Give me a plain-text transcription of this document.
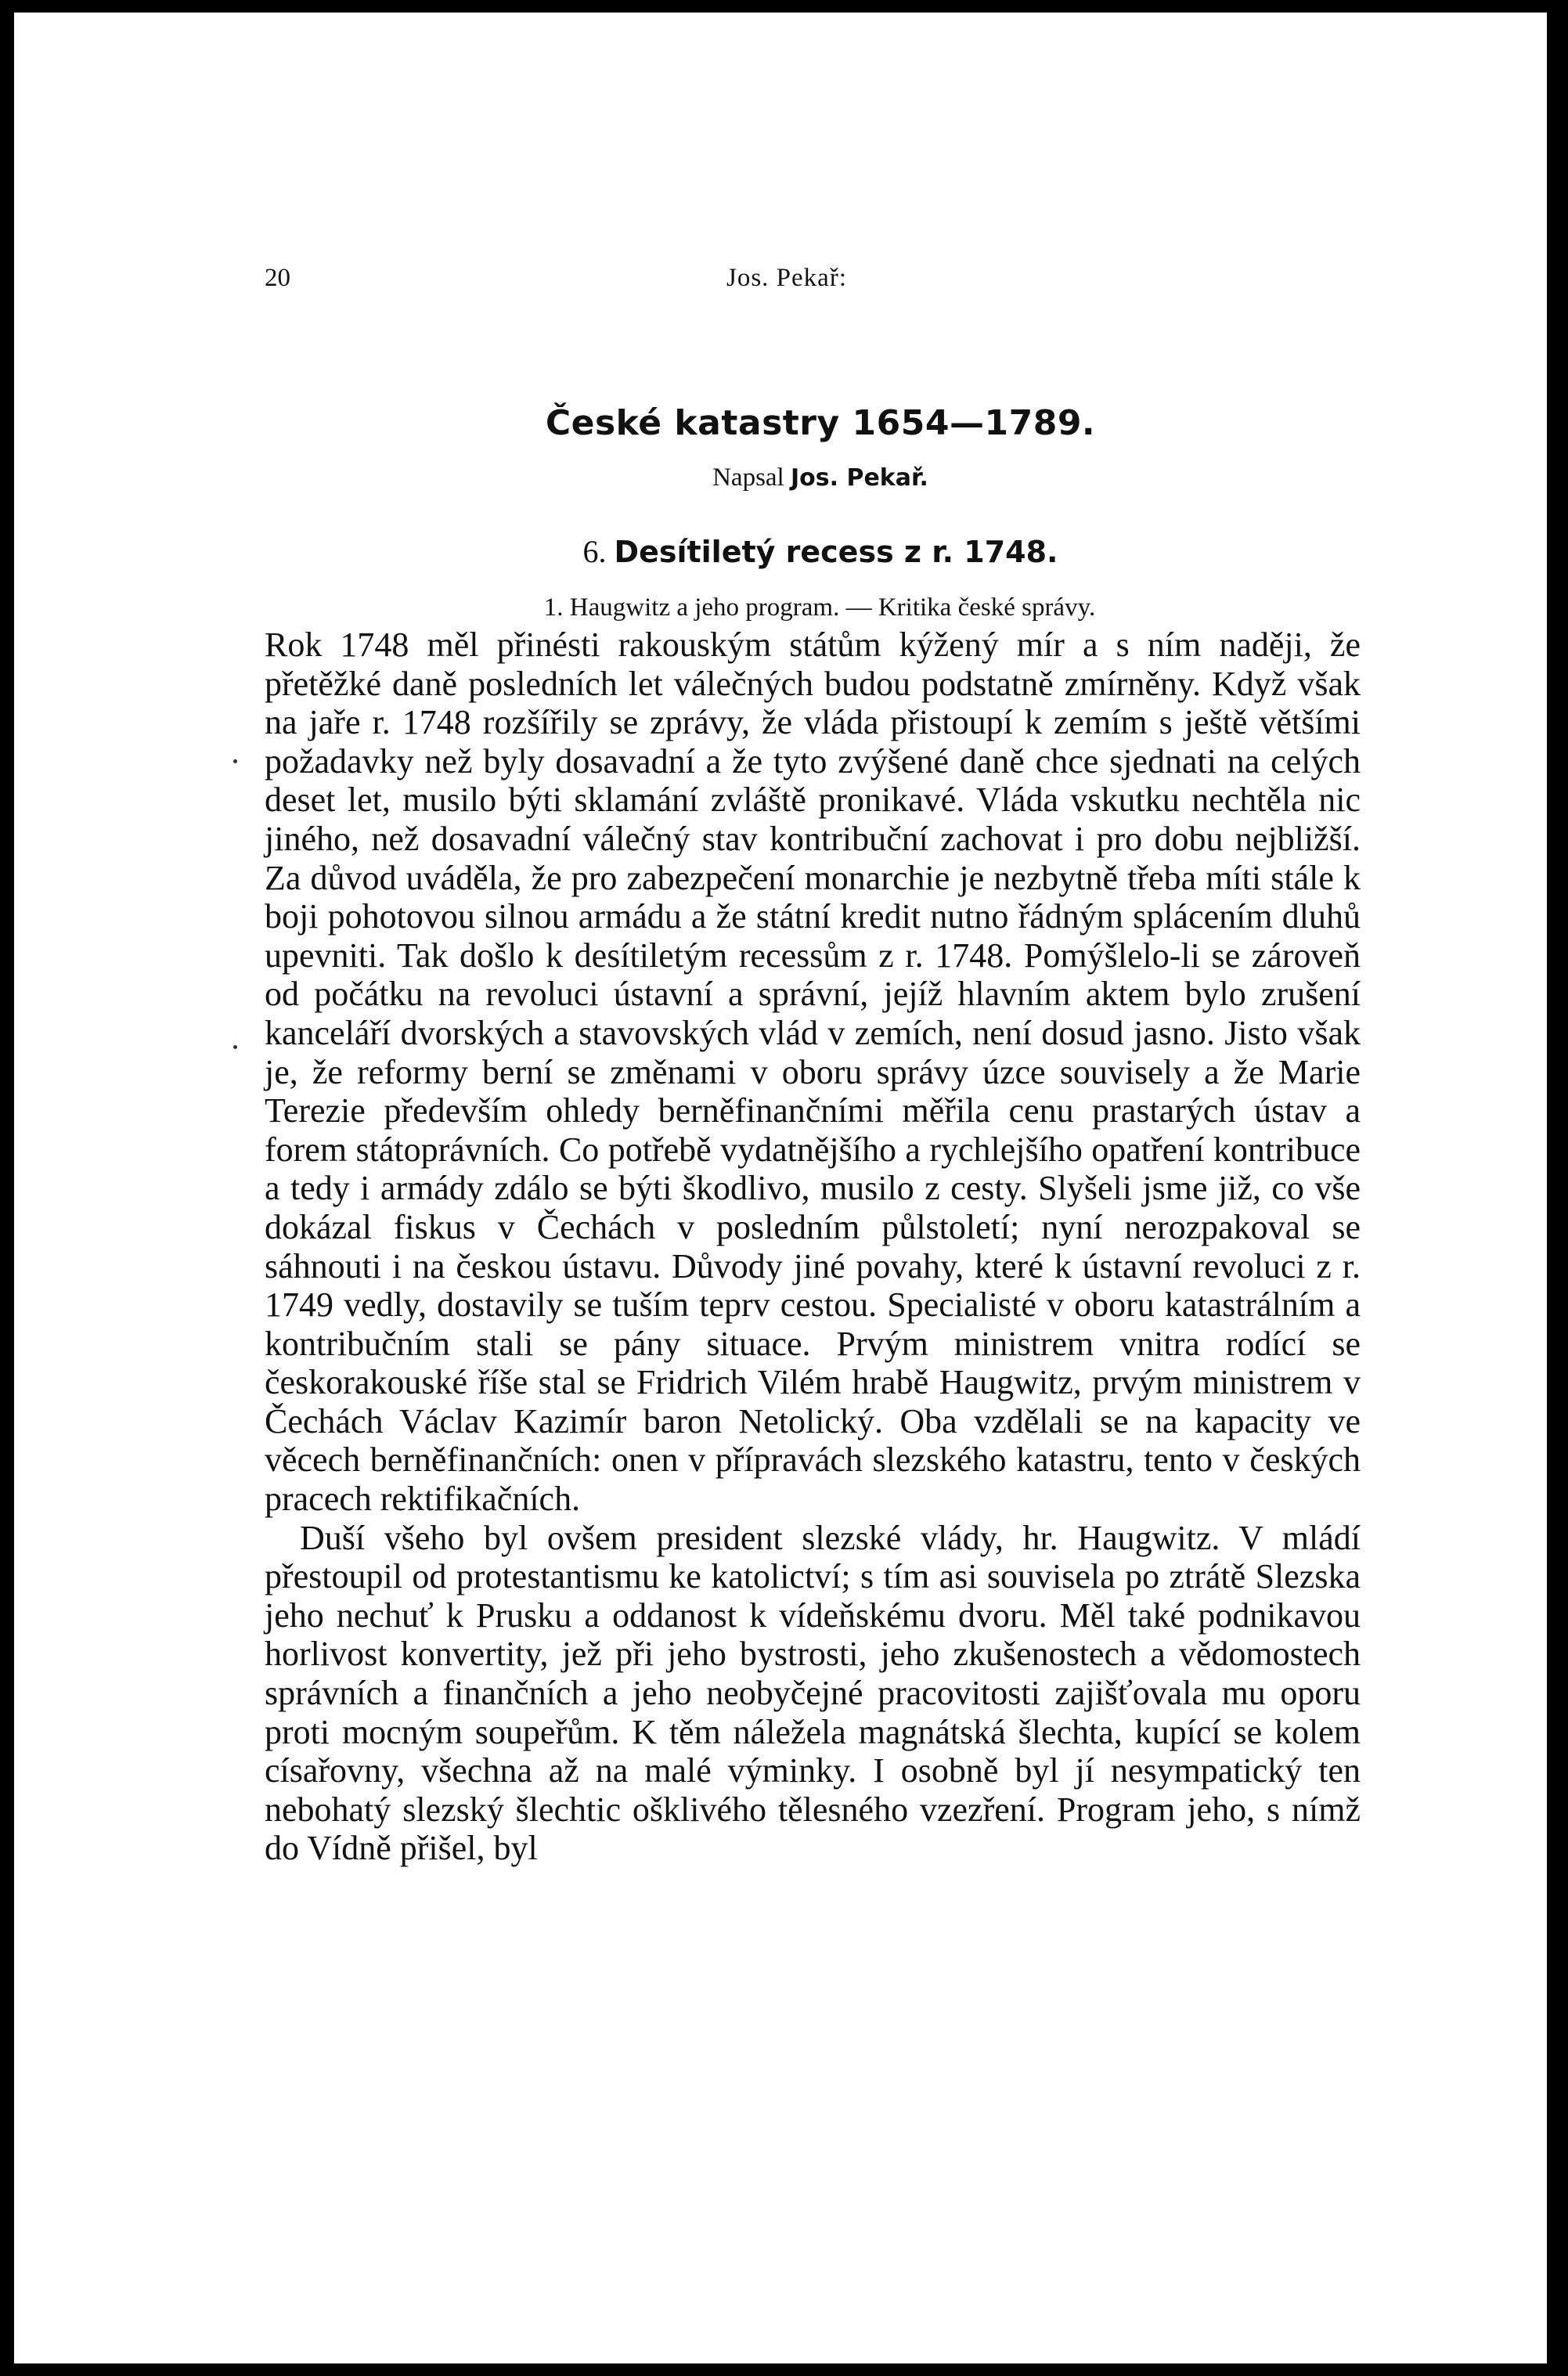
20	Jos. Pekař:
České katastry 1654—1789.
Napsal Jos. Pekař.
6. Desítiletý recess z r. 1748.
1. Haugwitz a jeho program. — Kritika české správy.

Rok 1748 měl přinésti rakouským státům kýžený mír a s ním naději, že přetěžké daně posledních let válečných budou podstatně zmírněny. Když však na jaře r. 1748 rozšířily se zprávy, že vláda přistoupí k zemím s ještě většími požadavky než byly dosavadní a že tyto zvýšené daně chce sjednati na celých deset let, musilo býti sklamání zvláště pronikavé. Vláda vskutku nechtěla nic jiného, než dosavadní válečný stav kontribuční zachovat i pro dobu nejbližší. Za důvod uváděla, že pro zabezpečení monarchie je nezbytně třeba míti stále k boji pohotovou silnou armádu a že státní kredit nutno řádným splácením dluhů upevniti. Tak došlo k desítiletým recessům z r. 1748. Pomýšlelo-li se zároveň od počátku na revoluci ústavní a správní, jejíž hlavním aktem bylo zrušení kanceláří dvorských a stavovských vlád v zemích, není dosud jasno. Jisto však je, že reformy berní se změnami v oboru správy úzce souvisely a že Marie Terezie především ohledy berněfinančními měřila cenu prastarých ústav a forem státoprávních. Co potřebě vydatnějšího a rychlejšího opatření kontribuce a tedy i armády zdálo se býti škodlivo, musilo z cesty. Slyšeli jsme již, co vše dokázal fiskus v Čechách v posledním půlstoletí; nyní nerozpakoval se sáhnouti i na českou ústavu. Důvody jiné povahy, které k ústavní revoluci z r. 1749 vedly, dostavily se tuším teprv cestou. Specialisté v oboru katastrálním a kontribučním stali se pány situace. Prvým ministrem vnitra rodící se českorakouské říše stal se Fridrich Vilém hrabě Haugwitz, prvým ministrem v Čechách Václav Kazimír baron Netolický. Oba vzdělali se na kapacity ve věcech berněfinančních: onen v přípravách slezského katastru, tento v českých pracech rektifikačních.

Duší všeho byl ovšem president slezské vlády, hr. Haugwitz. V mládí přestoupil od protestantismu ke katolictví; s tím asi souvisela po ztrátě Slezska jeho nechuť k Prusku a oddanost k vídeňskému dvoru. Měl také podnikavou horlivost konvertity, jež při jeho bystrosti, jeho zkušenostech a vědomostech správních a finančních a jeho neobyčejné pracovitosti zajišťovala mu oporu proti mocným soupeřům. K těm náležela magnátská šlechta, kupící se kolem císařovny, všechna až na malé výminky. I osobně byl jí nesympatický ten nebohatý slezský šlechtic ošklivého tělesného vzezření. Program jeho, s nímž do Vídně přišel, byl
